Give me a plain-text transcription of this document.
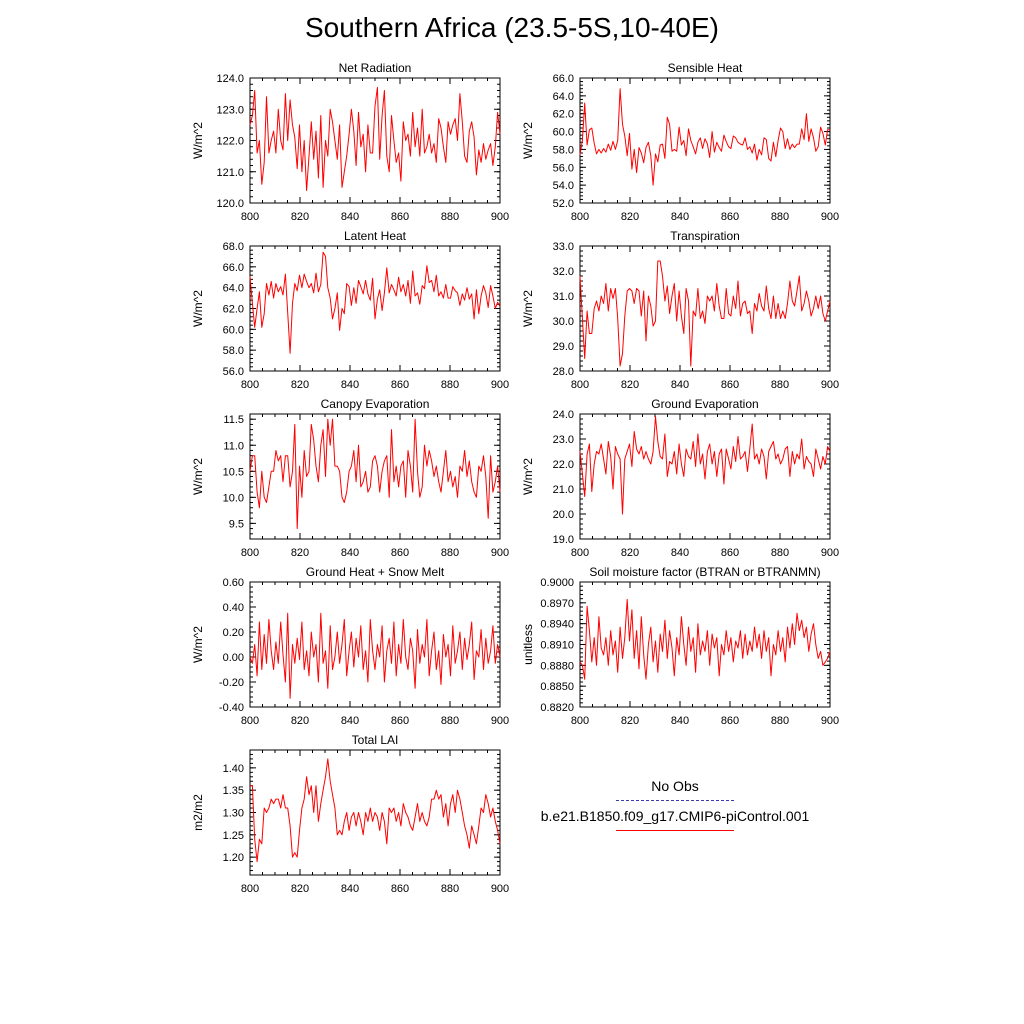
Southern Africa (23.5-5S,10-40E)
Net Radiation
W/m^2
800	820	840	860	880	900
120.0
121.0
122.0
123.0
124.0
Sensible Heat
W/m^2
800	820	840	860	880	900
52.0
54.0
56.0
58.0
60.0
62.0
64.0
66.0
Latent Heat
W/m^2
800	820	840	860	880	900
56.0
58.0
60.0
62.0
64.0
66.0
68.0
Transpiration
W/m^2
800	820	840	860	880	900
28.0
29.0
30.0
31.0
32.0
33.0
Canopy Evaporation
W/m^2
800	820	840	860	880	900
9.5
10.0
10.5
11.0
11.5
Ground Evaporation
W/m^2
800	820	840	860	880	900
19.0
20.0
21.0
22.0
23.0
24.0
Ground Heat + Snow Melt
W/m^2
800	820	840	860	880	900
-0.40
-0.20
0.00
0.20
0.40
0.60
Soil moisture factor (BTRAN or BTRANMN)
unitless
800	820	840	860	880	900
0.8820
0.8850
0.8880
0.8910
0.8940
0.8970
0.9000
Total LAI
m2/m2
800	820	840	860	880	900
1.20
1.25
1.30
1.35
1.40
No Obs
b.e21.B1850.f09_g17.CMIP6-piControl.001
